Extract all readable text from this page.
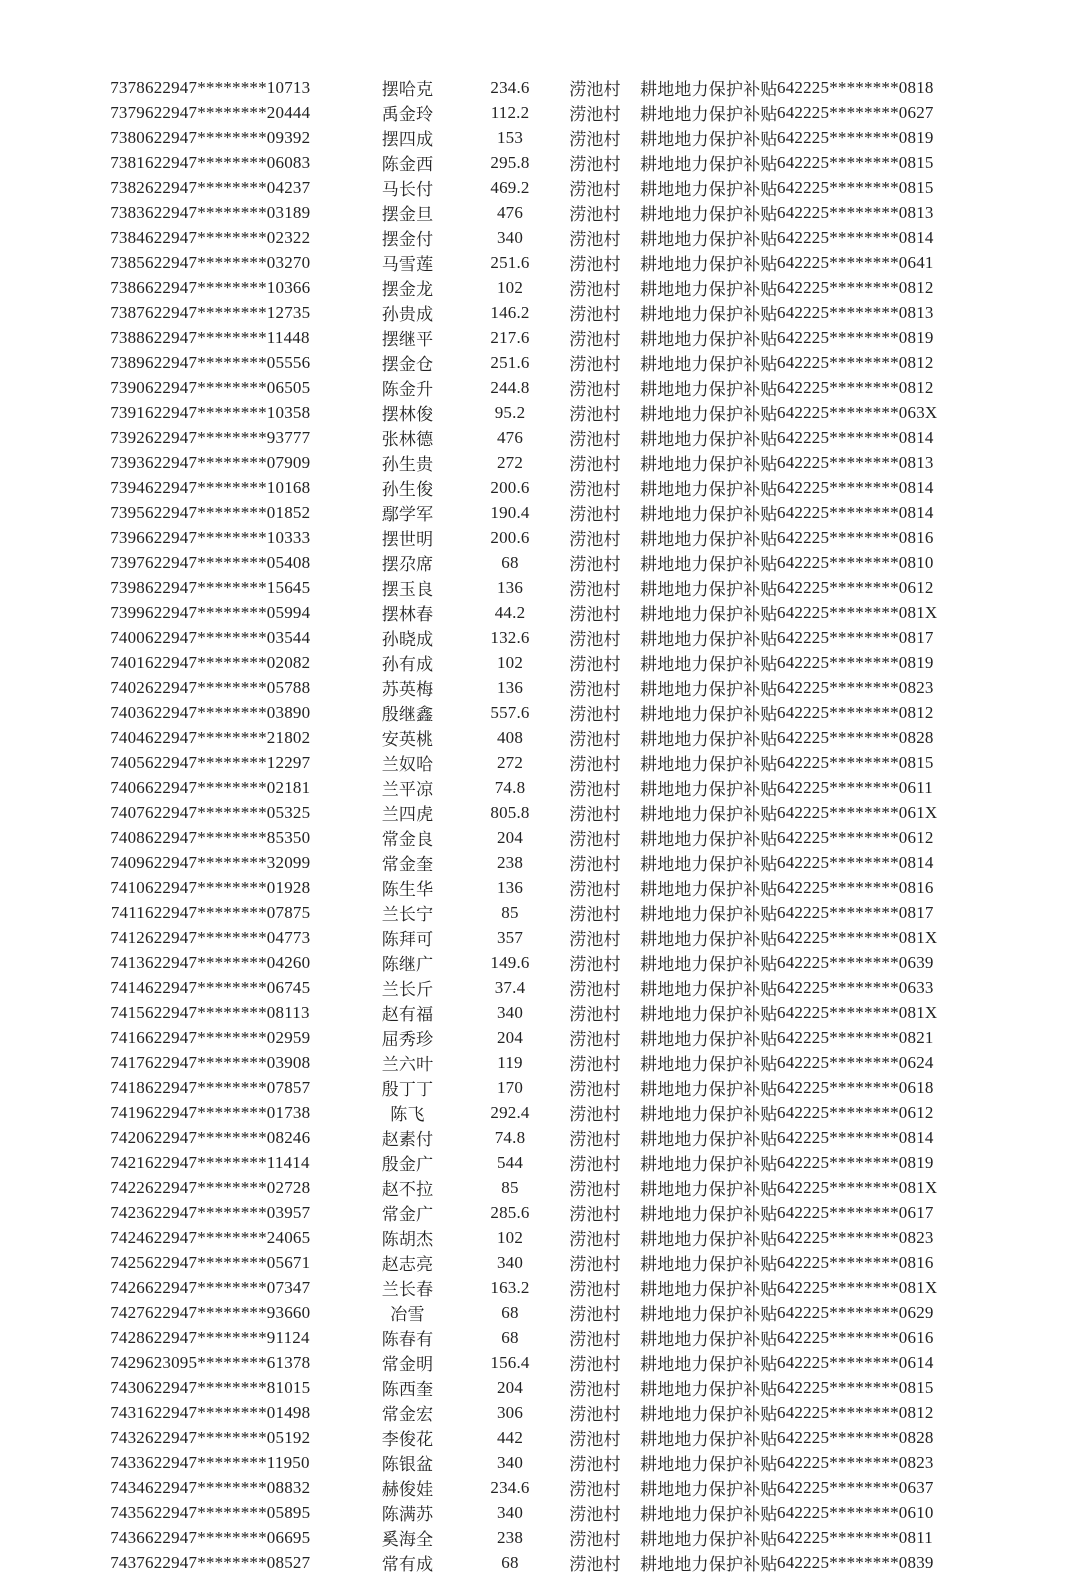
7378	622947********10713	摆哈克	234.6	涝池村	耕地地力保护补贴	642225********0818
7379	622947********20444	禹金玲	112.2	涝池村	耕地地力保护补贴	642225********0627
7380	622947********09392	摆四成	153	涝池村	耕地地力保护补贴	642225********0819
7381	622947********06083	陈金西	295.8	涝池村	耕地地力保护补贴	642225********0815
7382	622947********04237	马长付	469.2	涝池村	耕地地力保护补贴	642225********0815
7383	622947********03189	摆金旦	476	涝池村	耕地地力保护补贴	642225********0813
7384	622947********02322	摆金付	340	涝池村	耕地地力保护补贴	642225********0814
7385	622947********03270	马雪莲	251.6	涝池村	耕地地力保护补贴	642225********0641
7386	622947********10366	摆金龙	102	涝池村	耕地地力保护补贴	642225********0812
7387	622947********12735	孙贵成	146.2	涝池村	耕地地力保护补贴	642225********0813
7388	622947********11448	摆继平	217.6	涝池村	耕地地力保护补贴	642225********0819
7389	622947********05556	摆金仓	251.6	涝池村	耕地地力保护补贴	642225********0812
7390	622947********06505	陈金升	244.8	涝池村	耕地地力保护补贴	642225********0812
7391	622947********10358	摆林俊	95.2	涝池村	耕地地力保护补贴	642225********063X
7392	622947********93777	张林德	476	涝池村	耕地地力保护补贴	642225********0814
7393	622947********07909	孙生贵	272	涝池村	耕地地力保护补贴	642225********0813
7394	622947********10168	孙生俊	200.6	涝池村	耕地地力保护补贴	642225********0814
7395	622947********01852	鄢学军	190.4	涝池村	耕地地力保护补贴	642225********0814
7396	622947********10333	摆世明	200.6	涝池村	耕地地力保护补贴	642225********0816
7397	622947********05408	摆尕席	68	涝池村	耕地地力保护补贴	642225********0810
7398	622947********15645	摆玉良	136	涝池村	耕地地力保护补贴	642225********0612
7399	622947********05994	摆林春	44.2	涝池村	耕地地力保护补贴	642225********081X
7400	622947********03544	孙晓成	132.6	涝池村	耕地地力保护补贴	642225********0817
7401	622947********02082	孙有成	102	涝池村	耕地地力保护补贴	642225********0819
7402	622947********05788	苏英梅	136	涝池村	耕地地力保护补贴	642225********0823
7403	622947********03890	殷继鑫	557.6	涝池村	耕地地力保护补贴	642225********0812
7404	622947********21802	安英桃	408	涝池村	耕地地力保护补贴	642225********0828
7405	622947********12297	兰奴哈	272	涝池村	耕地地力保护补贴	642225********0815
7406	622947********02181	兰平凉	74.8	涝池村	耕地地力保护补贴	642225********0611
7407	622947********05325	兰四虎	805.8	涝池村	耕地地力保护补贴	642225********061X
7408	622947********85350	常金良	204	涝池村	耕地地力保护补贴	642225********0612
7409	622947********32099	常金奎	238	涝池村	耕地地力保护补贴	642225********0814
7410	622947********01928	陈生华	136	涝池村	耕地地力保护补贴	642225********0816
7411	622947********07875	兰长宁	85	涝池村	耕地地力保护补贴	642225********0817
7412	622947********04773	陈拜可	357	涝池村	耕地地力保护补贴	642225********081X
7413	622947********04260	陈继广	149.6	涝池村	耕地地力保护补贴	642225********0639
7414	622947********06745	兰长斤	37.4	涝池村	耕地地力保护补贴	642225********0633
7415	622947********08113	赵有福	340	涝池村	耕地地力保护补贴	642225********081X
7416	622947********02959	屈秀珍	204	涝池村	耕地地力保护补贴	642225********0821
7417	622947********03908	兰六叶	119	涝池村	耕地地力保护补贴	642225********0624
7418	622947********07857	殷丁丁	170	涝池村	耕地地力保护补贴	642225********0618
7419	622947********01738	陈飞	292.4	涝池村	耕地地力保护补贴	642225********0612
7420	622947********08246	赵素付	74.8	涝池村	耕地地力保护补贴	642225********0814
7421	622947********11414	殷金广	544	涝池村	耕地地力保护补贴	642225********0819
7422	622947********02728	赵不拉	85	涝池村	耕地地力保护补贴	642225********081X
7423	622947********03957	常金广	285.6	涝池村	耕地地力保护补贴	642225********0617
7424	622947********24065	陈胡杰	102	涝池村	耕地地力保护补贴	642225********0823
7425	622947********05671	赵志亮	340	涝池村	耕地地力保护补贴	642225********0816
7426	622947********07347	兰长春	163.2	涝池村	耕地地力保护补贴	642225********081X
7427	622947********93660	冶雪	68	涝池村	耕地地力保护补贴	642225********0629
7428	622947********91124	陈春有	68	涝池村	耕地地力保护补贴	642225********0616
7429	623095********61378	常金明	156.4	涝池村	耕地地力保护补贴	642225********0614
7430	622947********81015	陈西奎	204	涝池村	耕地地力保护补贴	642225********0815
7431	622947********01498	常金宏	306	涝池村	耕地地力保护补贴	642225********0812
7432	622947********05192	李俊花	442	涝池村	耕地地力保护补贴	642225********0828
7433	622947********11950	陈银盆	340	涝池村	耕地地力保护补贴	642225********0823
7434	622947********08832	赫俊娃	234.6	涝池村	耕地地力保护补贴	642225********0637
7435	622947********05895	陈满苏	340	涝池村	耕地地力保护补贴	642225********0610
7436	622947********06695	奚海全	238	涝池村	耕地地力保护补贴	642225********0811
7437	622947********08527	常有成	68	涝池村	耕地地力保护补贴	642225********0839
